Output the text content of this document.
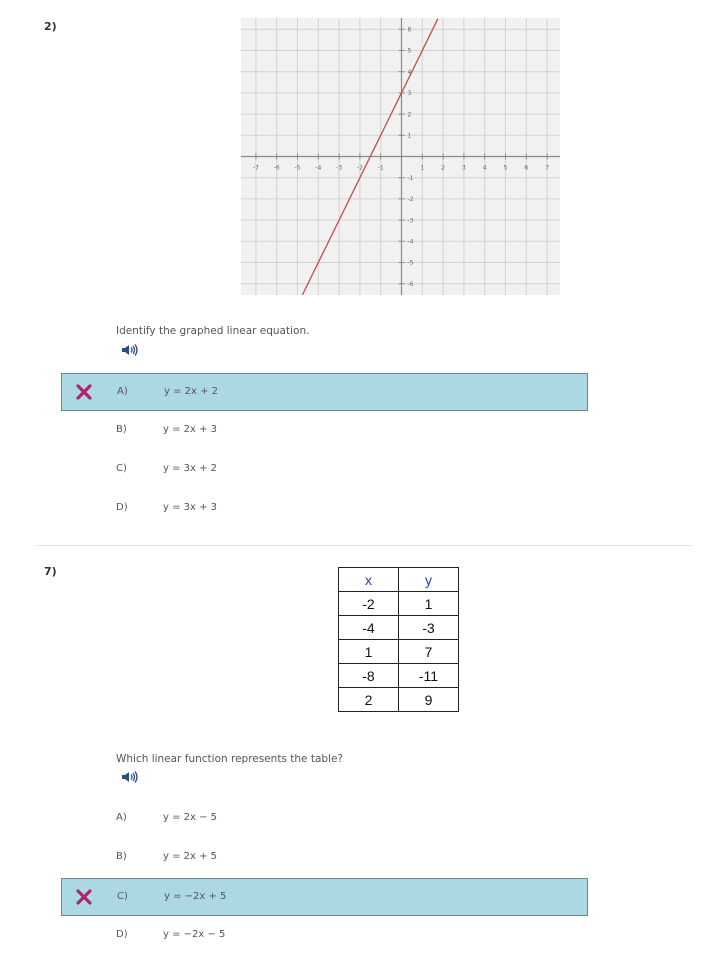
2)
-7 -6 -5 -4 -3 -2 -1	1	2	3	4	5	6	7
6
5
4
3
2
1
-1
-2
-3
-4
-5
-6
Identify the graphed linear equation.
A)	y = 2x + 2
B)	y = 2x + 3
C)	y = 3x + 2
D)	y = 3x + 3
7)	x	y
-2	1
-4	-3
1	7
-8	-11
2	9
Which linear function represents the table?
A)	y = 2x − 5
B)	y = 2x + 5
C)	y = −2x + 5
D)	y = −2x − 5
